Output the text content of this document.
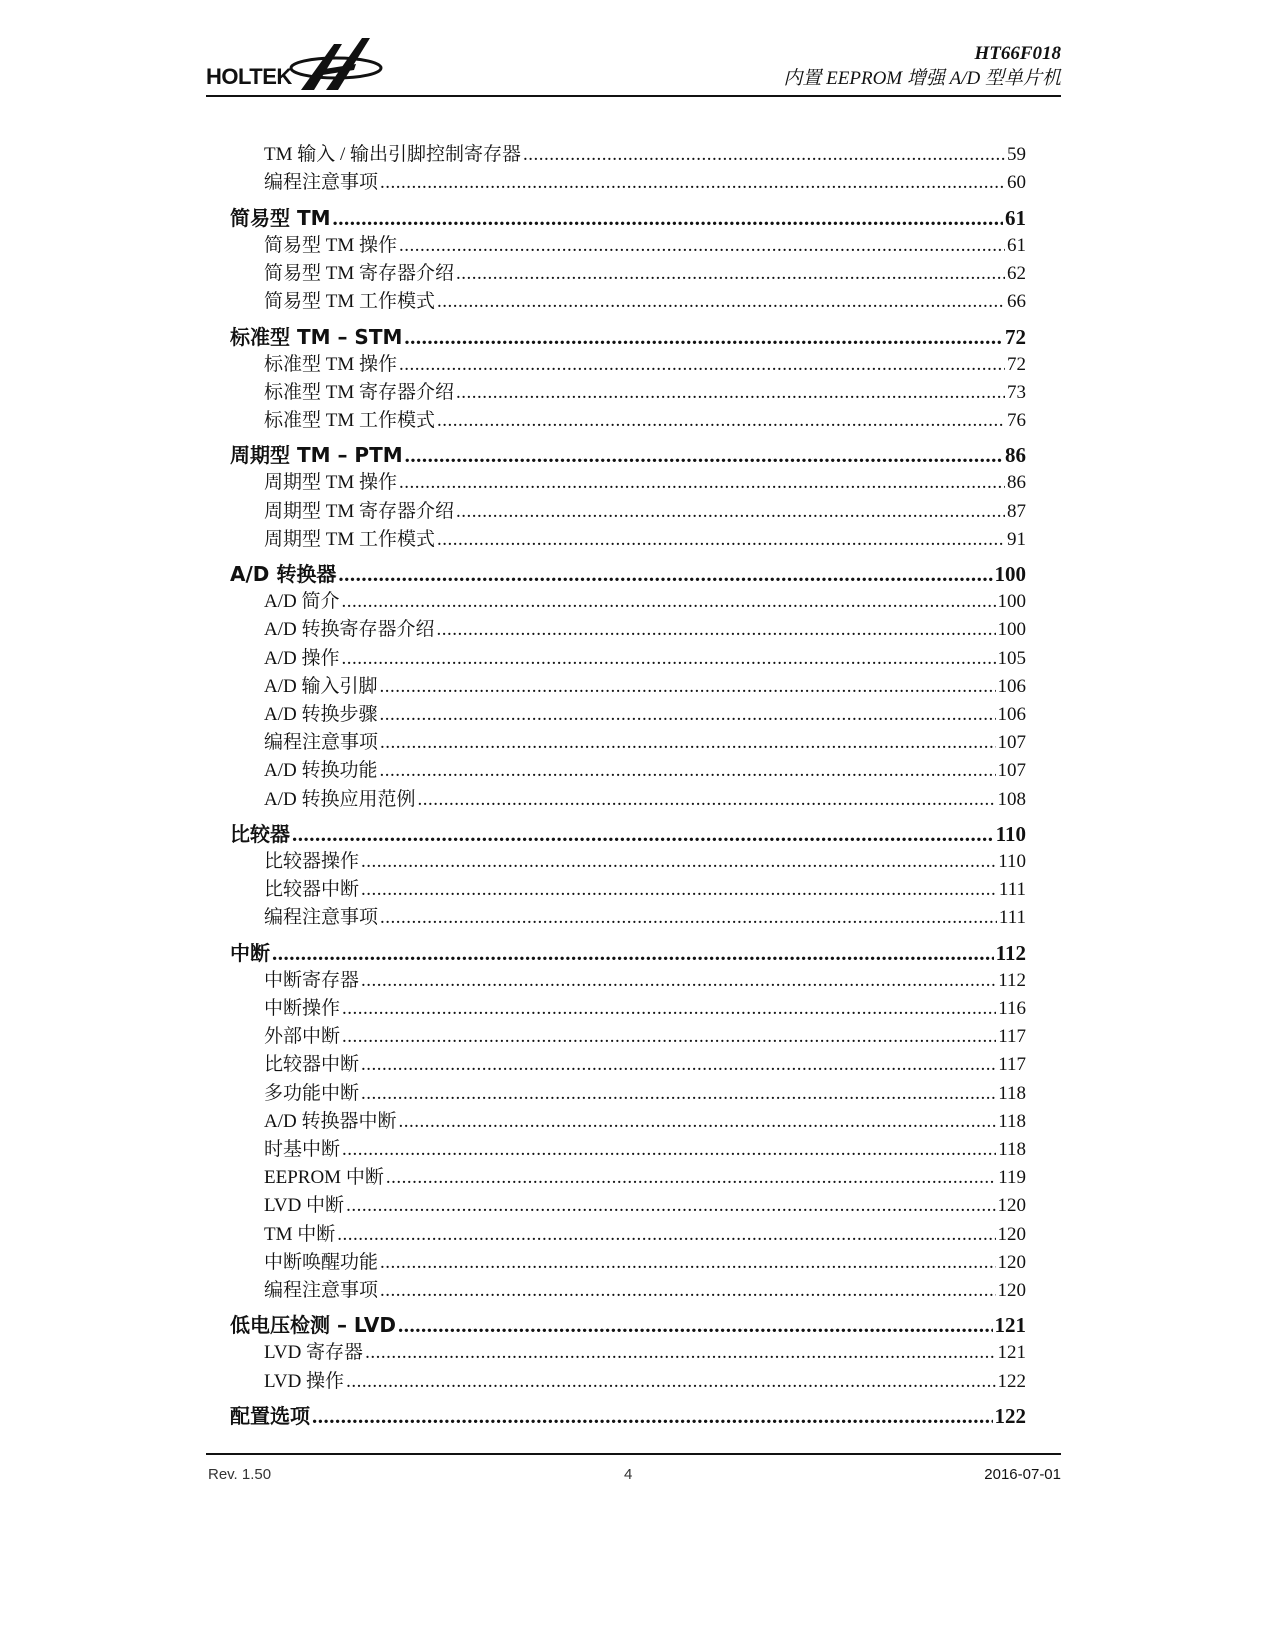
HOLTEK
HT66F018
内置 EEPROM 增强 A/D 型单片机
TM 输入 / 输出引脚控制寄存器 .....	59
编程注意事项 .....	60
简易型 TM .....	61
简易型 TM 操作 .....	61
简易型 TM 寄存器介绍 .....	62
简易型 TM 工作模式 .....	66
标准型 TM – STM .....	72
标准型 TM 操作 .....	72
标准型 TM 寄存器介绍 .....	73
标准型 TM 工作模式 .....	76
周期型 TM – PTM .....	86
周期型 TM 操作 .....	86
周期型 TM 寄存器介绍 .....	87
周期型 TM 工作模式 .....	91
A/D 转换器 .....	100
A/D 简介 .....	100
A/D 转换寄存器介绍 .....	100
A/D 操作 .....	105
A/D 输入引脚 .....	106
A/D 转换步骤 .....	106
编程注意事项 .....	107
A/D 转换功能 .....	107
A/D 转换应用范例 .....	108
比较器 .....	110
比较器操作 .....	110
比较器中断 .....	111
编程注意事项 .....	111
中断 .....	112
中断寄存器 .....	112
中断操作 .....	116
外部中断 .....	117
比较器中断 .....	117
多功能中断 .....	118
A/D 转换器中断 .....	118
时基中断 .....	118
EEPROM 中断 .....	119
LVD 中断 .....	120
TM 中断 .....	120
中断唤醒功能 .....	120
编程注意事项 .....	120
低电压检测 – LVD .....	121
LVD 寄存器 .....	121
LVD 操作 .....	122
配置选项 .....	122
Rev. 1.50	4	2016-07-01
